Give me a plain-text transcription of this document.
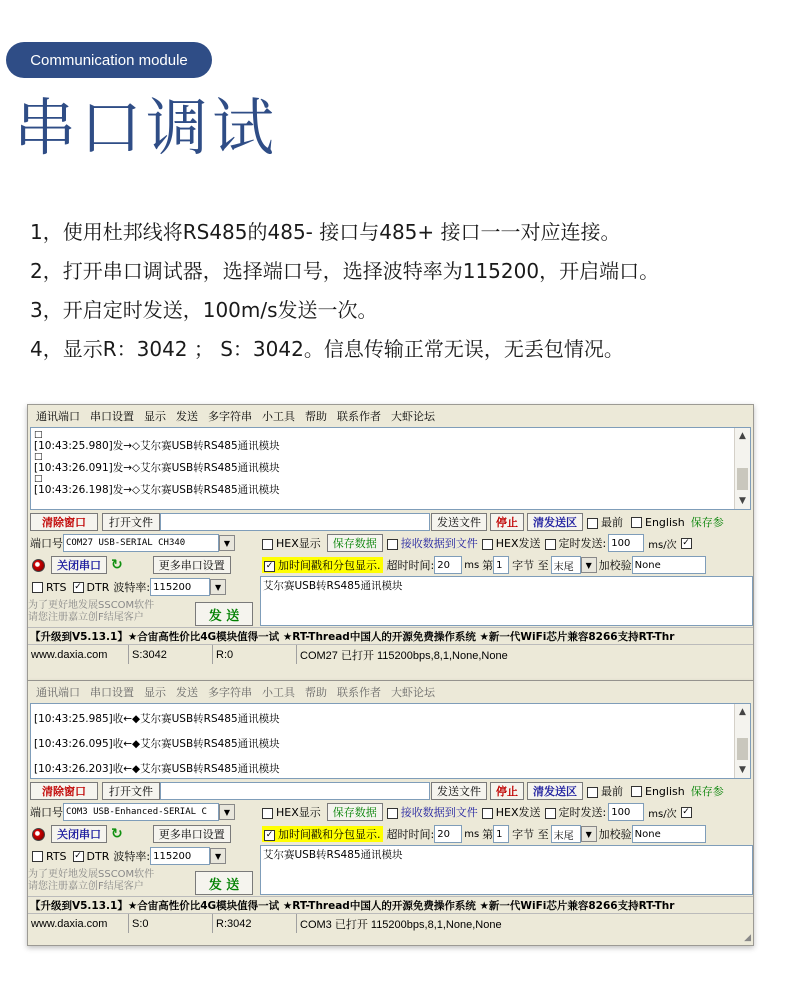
Communication module
串口调试
1，使用杜邦线将RS485的485- 接口与485+ 接口一一对应连接。
2，打开串口调试器，选择端口号，选择波特率为115200，开启端口。
3，开启定时发送，100m/s发送一次。
4，显示R：3042 ； S：3042。信息传输正常无误，无丢包情况。
通讯端口 串口设置 显示 发送 多字符串 小工具 帮助 联系作者 大虾论坛
□
[10:43:25.980]发→◇艾尔赛USB转RS485通讯模块
□
[10:43:26.091]发→◇艾尔赛USB转RS485通讯模块
□
[10:43:26.198]发→◇艾尔赛USB转RS485通讯模块
▲
▼
清除窗口	打开文件	发送文件	停止	清发送区	最前	English 保存参
端口号 COM27 USB-SERIAL CH340	▼
关闭串口 ↻	更多串口设置
RTS ✓ DTR 波特率: 115200	▼
为了更好地发展SSCOM软件
请您注册嘉立创F结尾客户	发 送
HEX显示	保存数据	接收数据到文件	HEX发送	定时发送: 100	ms/次 ✓
✓ 加时间戳和分包显示. 超时时间: 20	ms 第 1 字节 至 末尾	▼ 加校验 None
艾尔赛USB转RS485通讯模块
【升级到V5.13.1】★合宙高性价比4G模块值得一试 ★RT-Thread中国人的开源免费操作系统 ★新一代WiFi芯片兼容8266支持RT-Thr
www.daxia.com	S:3042	R:0	COM27 已打开 115200bps,8,1,None,None
通讯端口 串口设置 显示 发送 多字符串 小工具 帮助 联系作者 大虾论坛
[10:43:25.985]收←◆艾尔赛USB转RS485通讯模块
[10:43:26.095]收←◆艾尔赛USB转RS485通讯模块
[10:43:26.203]收←◆艾尔赛USB转RS485通讯模块
▲
▼
清除窗口	打开文件	发送文件	停止	清发送区	最前	English 保存参
端口号 COM3 USB-Enhanced-SERIAL C	▼
关闭串口 ↻	更多串口设置
RTS ✓ DTR 波特率: 115200	▼
为了更好地发展SSCOM软件
请您注册嘉立创F结尾客户	发 送
HEX显示	保存数据	接收数据到文件	HEX发送	定时发送: 100	ms/次 ✓
✓ 加时间戳和分包显示. 超时时间: 20	ms 第 1 字节 至 末尾	▼ 加校验 None
艾尔赛USB转RS485通讯模块
【升级到V5.13.1】★合宙高性价比4G模块值得一试 ★RT-Thread中国人的开源免费操作系统 ★新一代WiFi芯片兼容8266支持RT-Thr
www.daxia.com	S:0	R:3042	COM3 已打开 115200bps,8,1,None,None
◢
